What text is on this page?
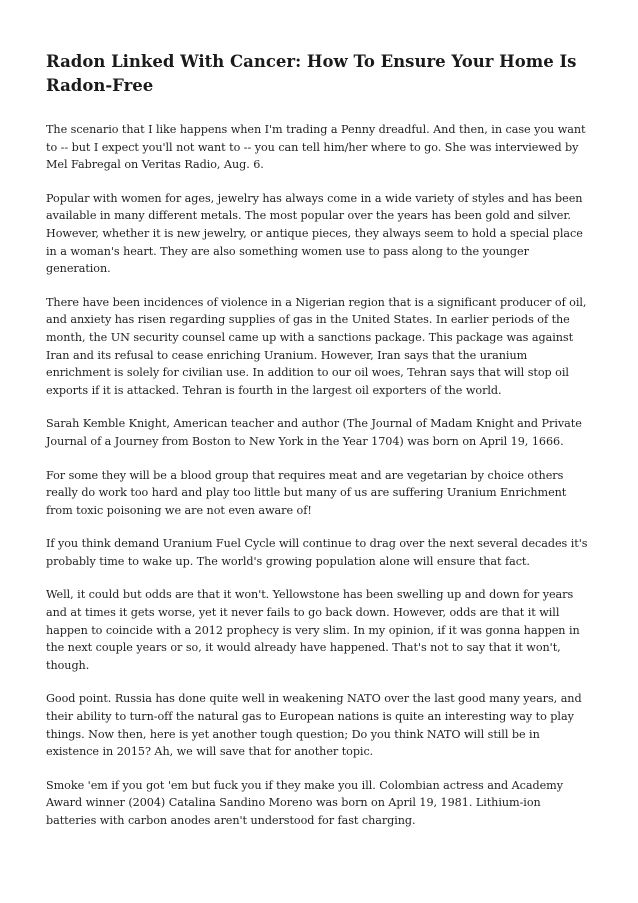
Radon Linked With Cancer: How To Ensure Your Home Is Radon-Free

The scenario that I like happens when I'm trading a Penny dreadful. And then, in case you want to -- but I expect you'll not want to -- you can tell him/her where to go. She was interviewed by Mel Fabregal on Veritas Radio, Aug. 6.

Popular with women for ages, jewelry has always come in a wide variety of styles and has been available in many different metals. The most popular over the years has been gold and silver. However, whether it is new jewelry, or antique pieces, they always seem to hold a special place in a woman's heart. They are also something women use to pass along to the younger generation.

There have been incidences of violence in a Nigerian region that is a significant producer of oil, and anxiety has risen regarding supplies of gas in the United States. In earlier periods of the month, the UN security counsel came up with a sanctions package. This package was against Iran and its refusal to cease enriching Uranium. However, Iran says that the uranium enrichment is solely for civilian use. In addition to our oil woes, Tehran says that will stop oil exports if it is attacked. Tehran is fourth in the largest oil exporters of the world.

Sarah Kemble Knight, American teacher and author (The Journal of Madam Knight and Private Journal of a Journey from Boston to New York in the Year 1704) was born on April 19, 1666.

For some they will be a blood group that requires meat and are vegetarian by choice others really do work too hard and play too little but many of us are suffering Uranium Enrichment from toxic poisoning we are not even aware of!

If you think demand Uranium Fuel Cycle will continue to drag over the next several decades it's probably time to wake up. The world's growing population alone will ensure that fact.

Well, it could but odds are that it won't. Yellowstone has been swelling up and down for years and at times it gets worse, yet it never fails to go back down. However, odds are that it will happen to coincide with a 2012 prophecy is very slim. In my opinion, if it was gonna happen in the next couple years or so, it would already have happened. That's not to say that it won't, though.

Good point. Russia has done quite well in weakening NATO over the last good many years, and their ability to turn-off the natural gas to European nations is quite an interesting way to play things. Now then, here is yet another tough question; Do you think NATO will still be in existence in 2015? Ah, we will save that for another topic.

Smoke 'em if you got 'em but fuck you if they make you ill. Colombian actress and Academy Award winner (2004) Catalina Sandino Moreno was born on April 19, 1981. Lithium-ion batteries with carbon anodes aren't understood for fast charging.
